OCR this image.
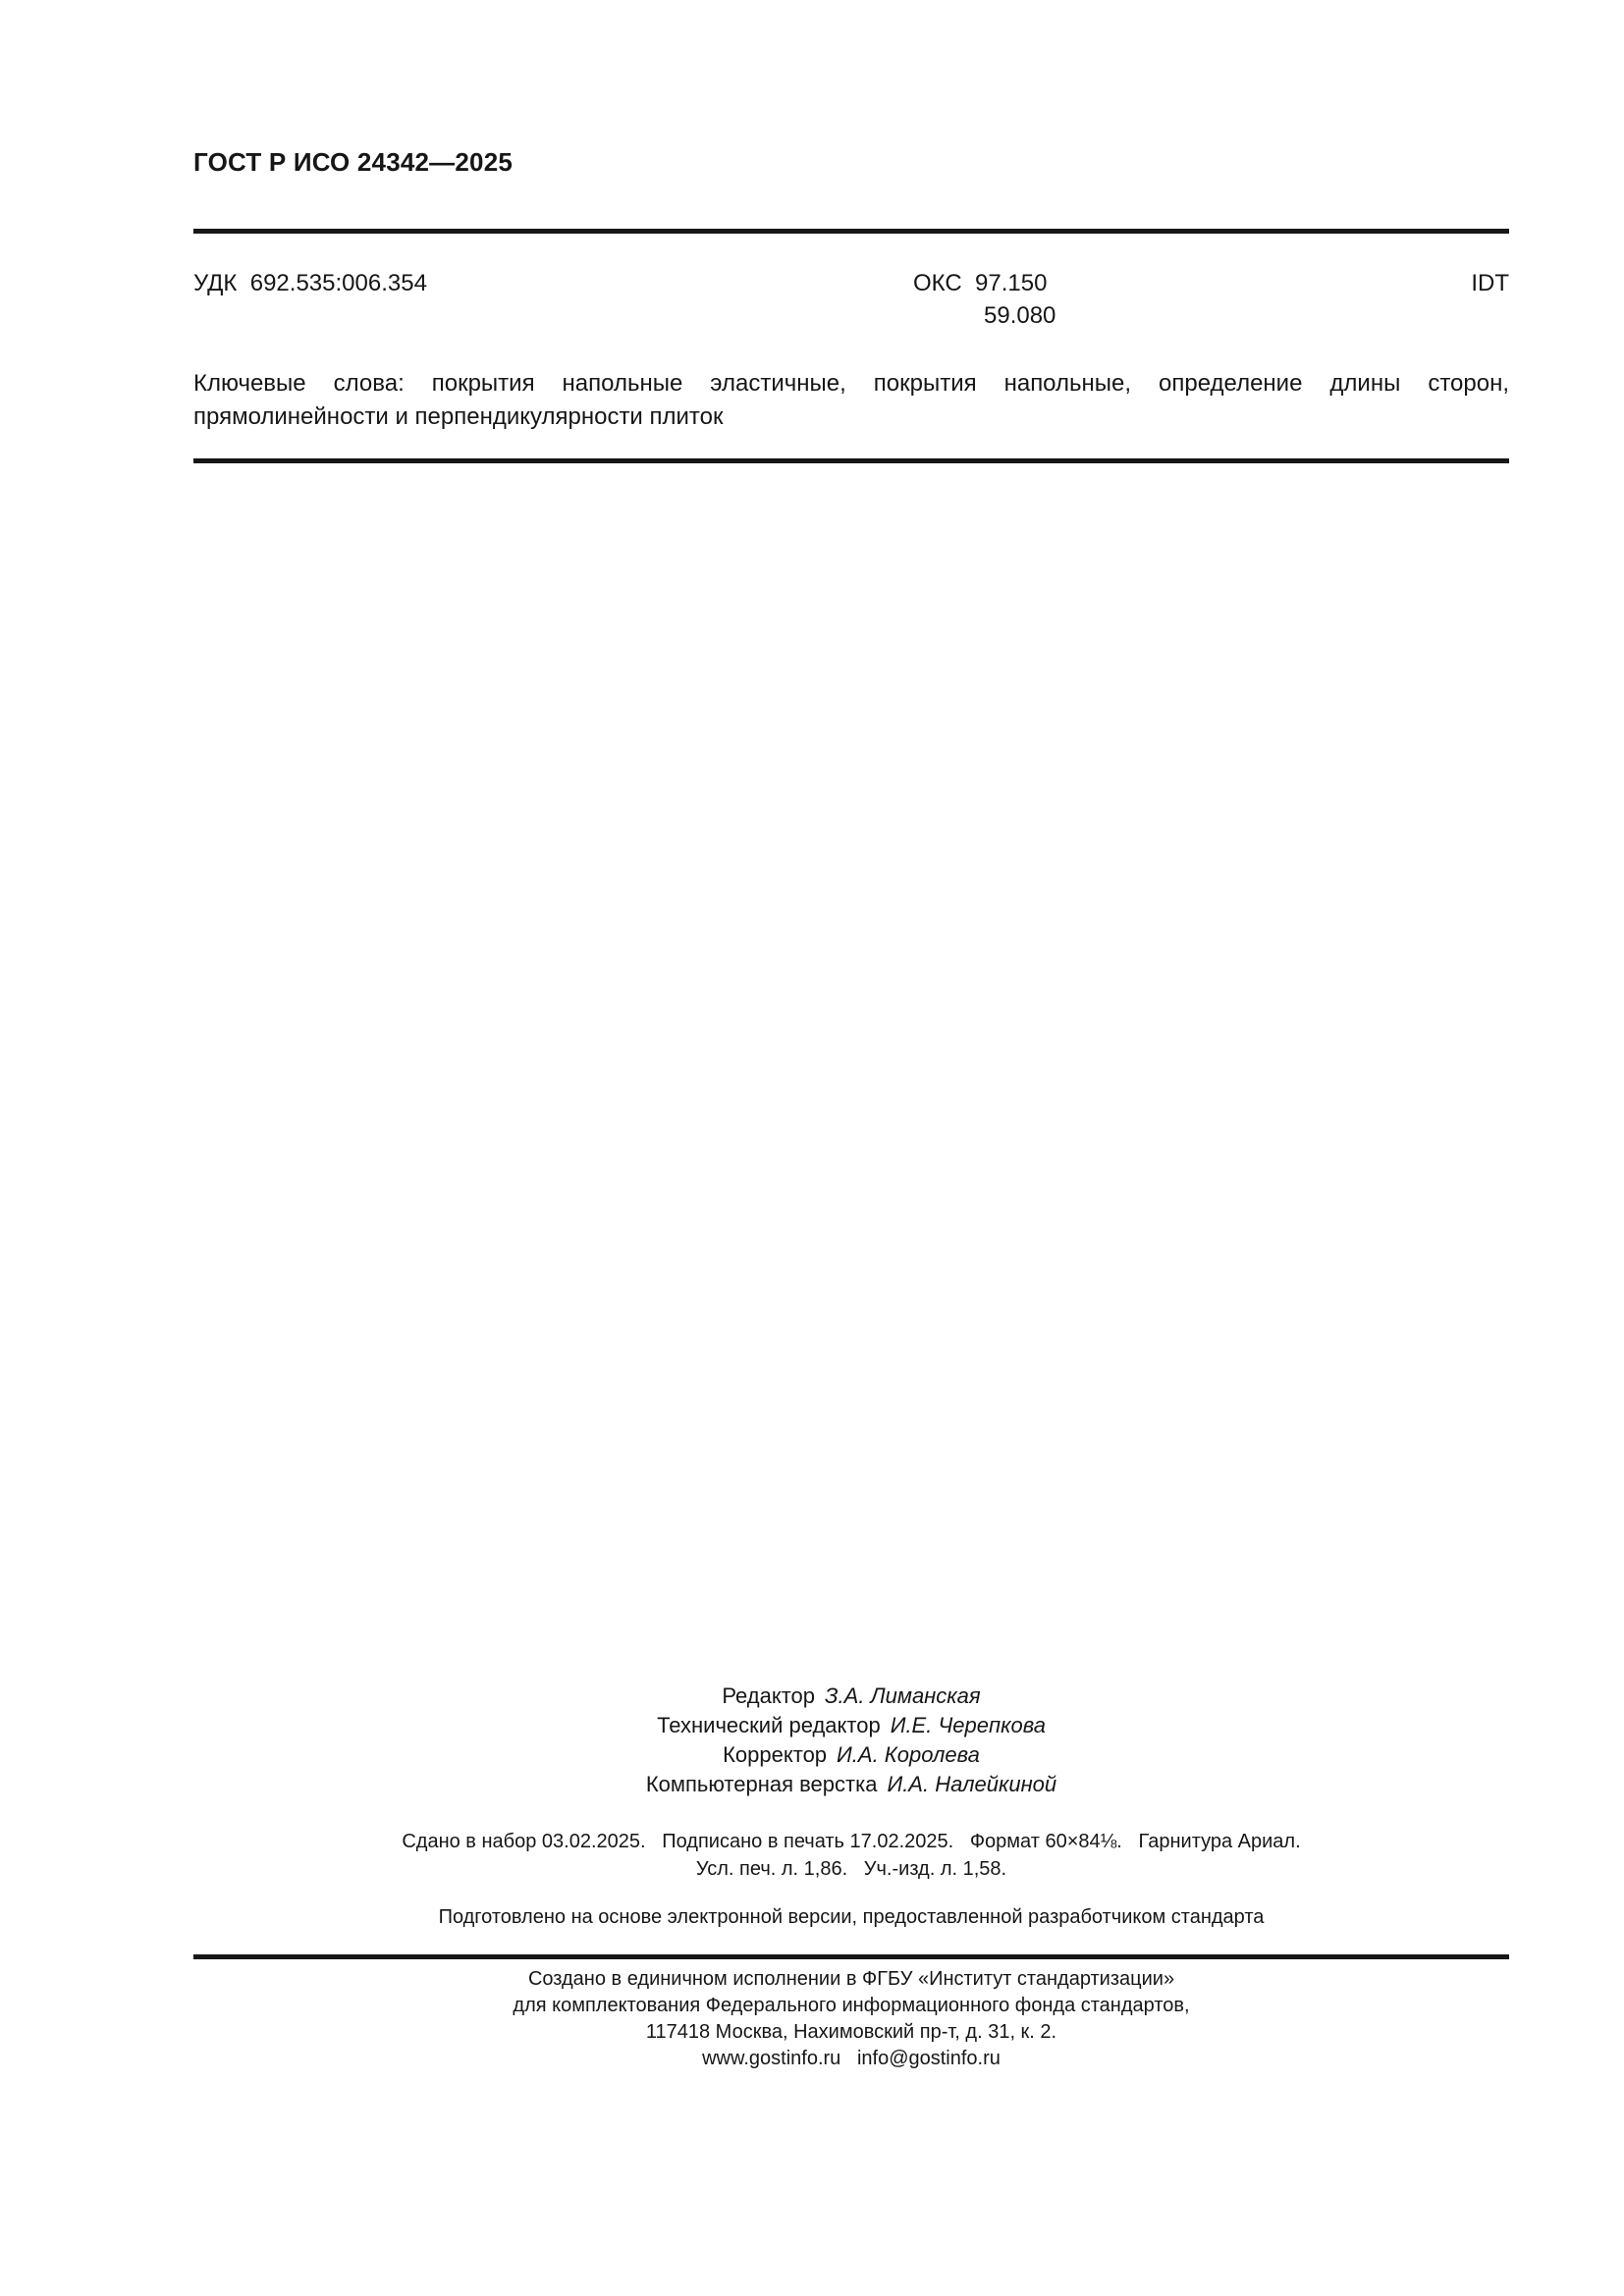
ГОСТ Р ИСО 24342—2025
УДК  692.535:006.354	ОКС  97.150
59.080
IDT
Ключевые слова: покрытия напольные эластичные, покрытия напольные, определение длины сторон, прямолинейности и перпендикулярности плиток
Редактор З.А. Лиманская
Технический редактор И.Е. Черепкова
Корректор И.А. Королева
Компьютерная верстка И.А. Налейкиной
Сдано в набор 03.02.2025.   Подписано в печать 17.02.2025.   Формат 60×84⅛.   Гарнитура Ариал.
Усл. печ. л. 1,86.   Уч.-изд. л. 1,58.
Подготовлено на основе электронной версии, предоставленной разработчиком стандарта
Создано в единичном исполнении в ФГБУ «Институт стандартизации»
для комплектования Федерального информационного фонда стандартов,
117418 Москва, Нахимовский пр-т, д. 31, к. 2.
www.gostinfo.ru   info@gostinfo.ru
